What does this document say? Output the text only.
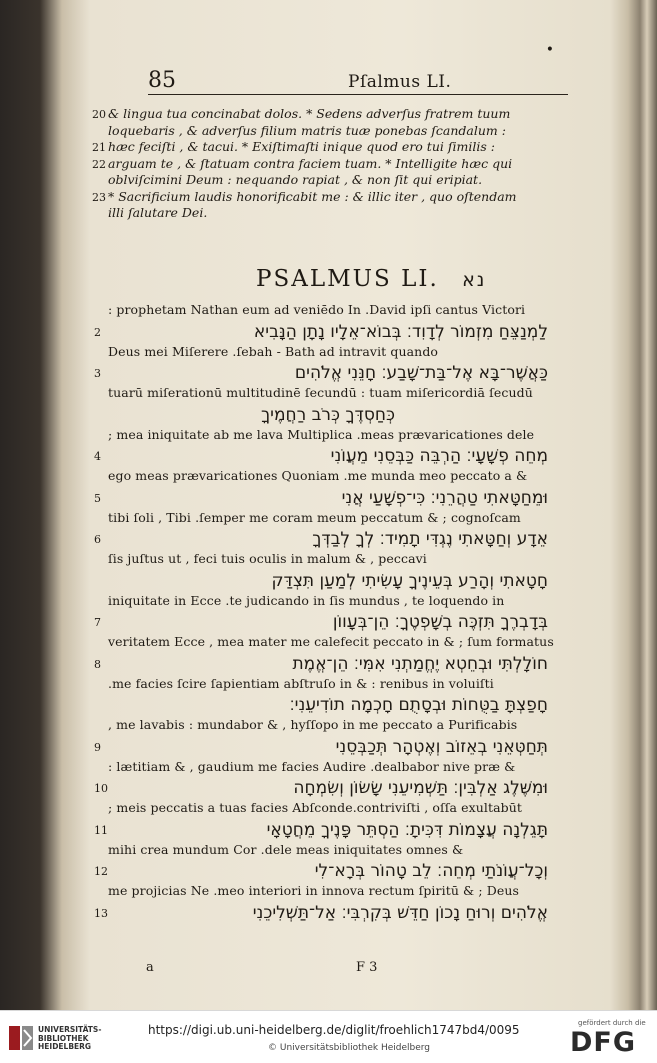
85	Pſalmus LI.
•
20 & lingua tua concinabat dolos. * Sedens adverſus fratrem tuum
loquebaris , & adverſus filium matris tuæ ponebas ſcandalum :
21 hæc feciſti , & tacui. * Exiſtimaſti inique quod ero tui ſimilis :
22 arguam te , & ſtatuam contra faciem tuam. * Intelligite hæc qui
oblviſcimini Deum : nequando rapiat , & non ſit qui eripiat.
23 * Sacrificium laudis honorificabit me : & illic iter , quo oſtendam
illi ſalutare Dei.
PSALMUS LI. נא
: prophetam Nathan eum ad veniēdo In .David ipſi cantus Victori
2	לַמְנַצֵּחַ מִזְמוֹר לְדָוִד׃ בְּבוֹא־אֵלָיו נָתָן הַנָּבִיא
Deus mei Miſerere .ſebah - Bath ad intravit quando
3	כַּאֲשֶׁר־בָּא אֶל־בַּת־שָׁבַע׃ חָנֵּנִי אֱלֹהִים
tuarū miſerationū multitudinē ſecundū : tuam miſericordiā ſecudū
כְּחַסְדֶּךָ כְּרֹב רַחֲמֶיךָ
; mea iniquitate ab me lava Multiplica .meas prævaricationes dele
4	מְחֵה פְשָׁעָי׃ הַרְבֵּה כַּבְּסֵנִי מֵעֲוֹנִי
ego meas prævaricationes Quoniam .me munda meo peccato a &
5	וּמֵחַטָּאתִי טַהֲרֵנִי׃ כִּי־פְשָׁעַי אֲנִי
tibi ſoli , Tibi .ſemper me coram meum peccatum & ; cognoſcam
6	אֵדָע וְחַטָּאתִי נֶגְדִּי תָמִיד׃ לְךָ לְבַדְּךָ
ſis juſtus ut , feci tuis oculis in malum & , peccavi
חָטָאתִי וְהָרַע בְּעֵינֶיךָ עָשִׂיתִי לְמַעַן תִּצְדַּק
iniquitate in Ecce .te judicando in ſis mundus , te loquendo in
7	בְּדָבְרֶךָ תִּזְכֶּה בְשָׁפְטֶךָ׃ הֵן־בְּעָווֹן
veritatem Ecce , mea mater me calefecit peccato in & ; ſum formatus
8	חוֹלָלְתִּי וּבְחֵטְא יֶחֱמַתְנִי אִמִּי׃ הֵן־אֱמֶת
.me facies ſcire ſapientiam abſtruſo in & : renibus in voluiſti
חָפַצְתָּ בַטֻּחוֹת וּבְסָתֻם חָכְמָה תוֹדִיעֵנִי׃
, me lavabis : mundabor & , hyſſopo in me peccato a Purificabis
9	תְּחַטְּאֵנִי בְאֵזוֹב וְאֶטְהָר תְּכַבְּסֵנִי
: lætitiam & , gaudium me facies Audire .dealbabor nive præ &
10	וּמִשֶּׁלֶג אַלְבִּין׃ תַּשְׁמִיעֵנִי שָׂשׂוֹן וְשִׂמְחָה
; meis peccatis a tuas facies Abſconde.contriviſti , oſſa exultabūt
11	תָּגֵלְנָה עֲצָמוֹת דִּכִּיתָ׃ הַסְתֵּר פָּנֶיךָ מֵחֲטָאָי
mihi crea mundum Cor .dele meas iniquitates omnes &
12	וְכָל־עֲוֹנֹתַי מְחֵה׃ לֵב טָהוֹר בְּרָא־לִי
me projicias Ne .meo interiori in innova rectum ſpiritū & ; Deus
13	אֱלֹהִים וְרוּחַ נָכוֹן חַדֵּשׁ בְּקִרְבִּי׃ אַל־תַּשְׁלִיכֵנִי
a	F 3
UNIVERSITÄTS-
BIBLIOTHEK
HEIDELBERG
https://digi.ub.uni-heidelberg.de/diglit/froehlich1747bd4/0095
© Universitätsbibliothek Heidelberg
gefördert durch die
DFG
